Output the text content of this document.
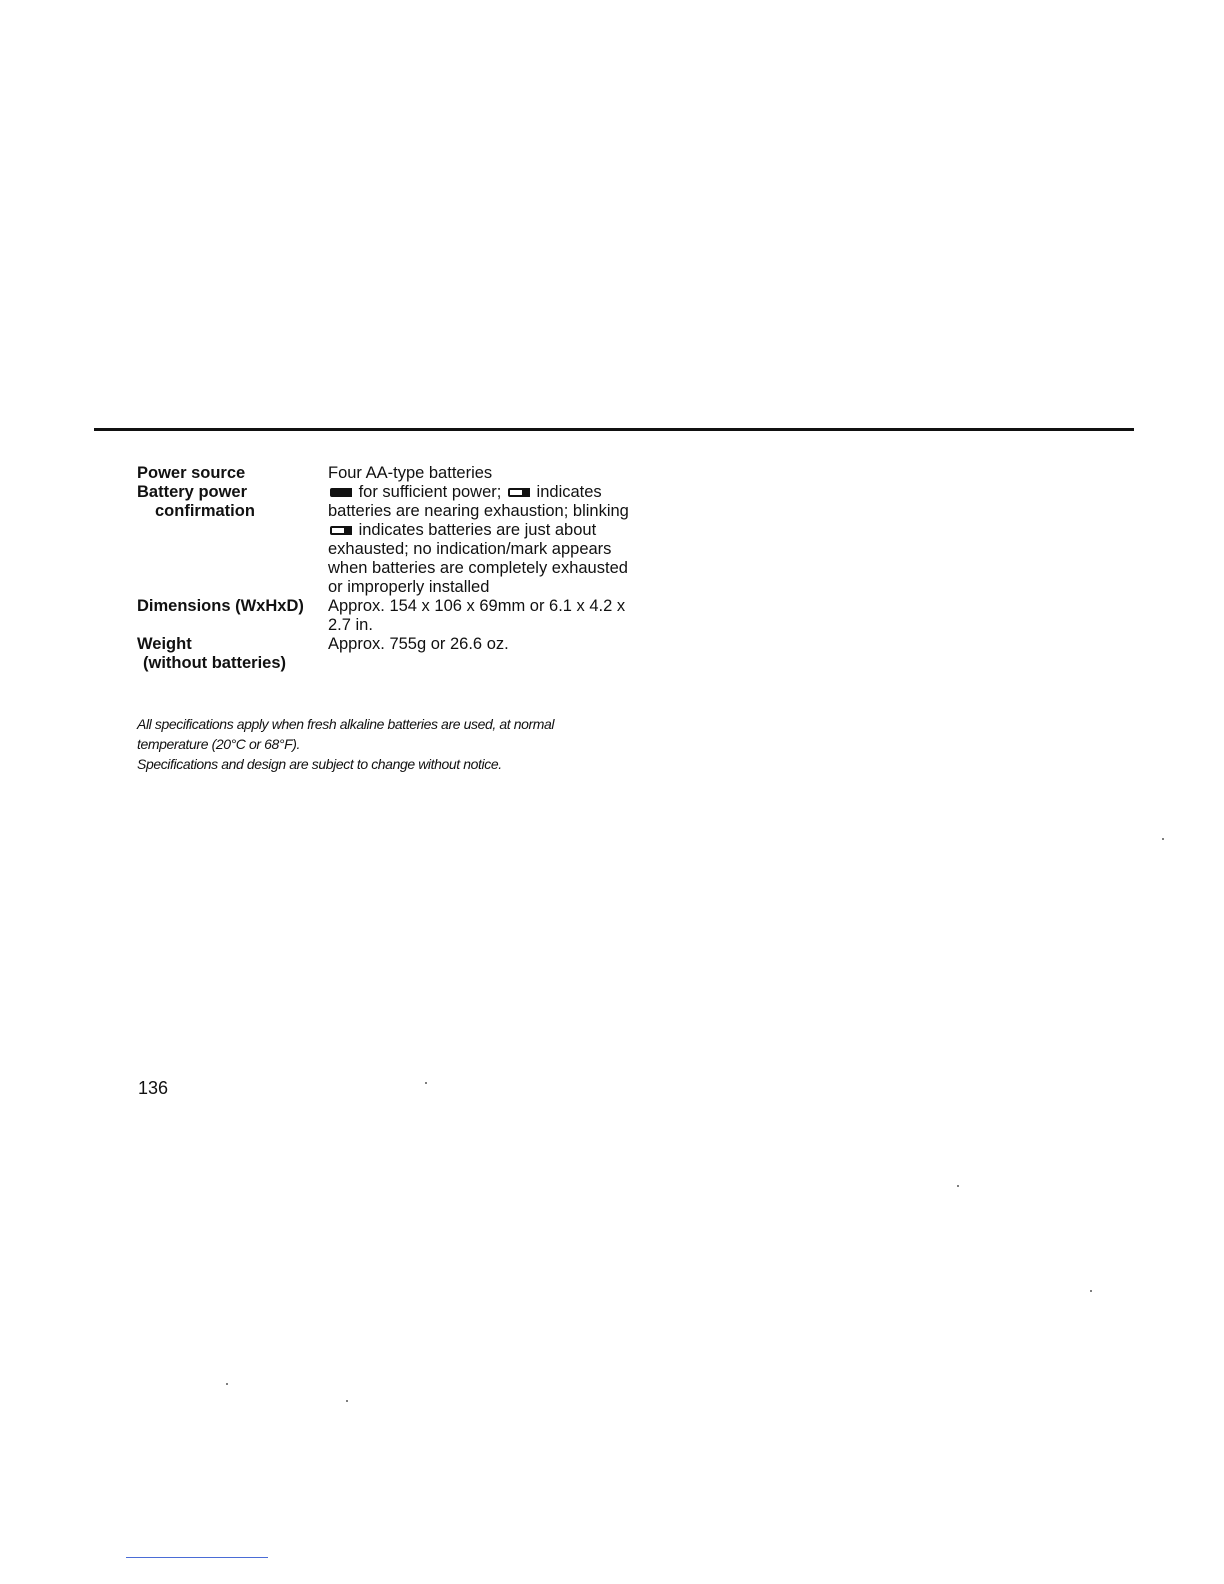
Power source	Four AA-type batteries
Battery power
confirmation
for sufficient power; indicates batteries are nearing exhaustion; blinking  indicates batteries are just about exhausted; no indication/mark appears when batteries are completely exhausted or improperly installed
Dimensions (WxHxD)	Approx. 154 x 106 x 69mm or 6.1 x 4.2 x 2.7 in.
Weight
(without batteries)
Approx. 755g or 26.6 oz.

All specifications apply when fresh alkaline batteries are used, at normal temperature (20°C or 68°F).

Specifications and design are subject to change without notice.

136
